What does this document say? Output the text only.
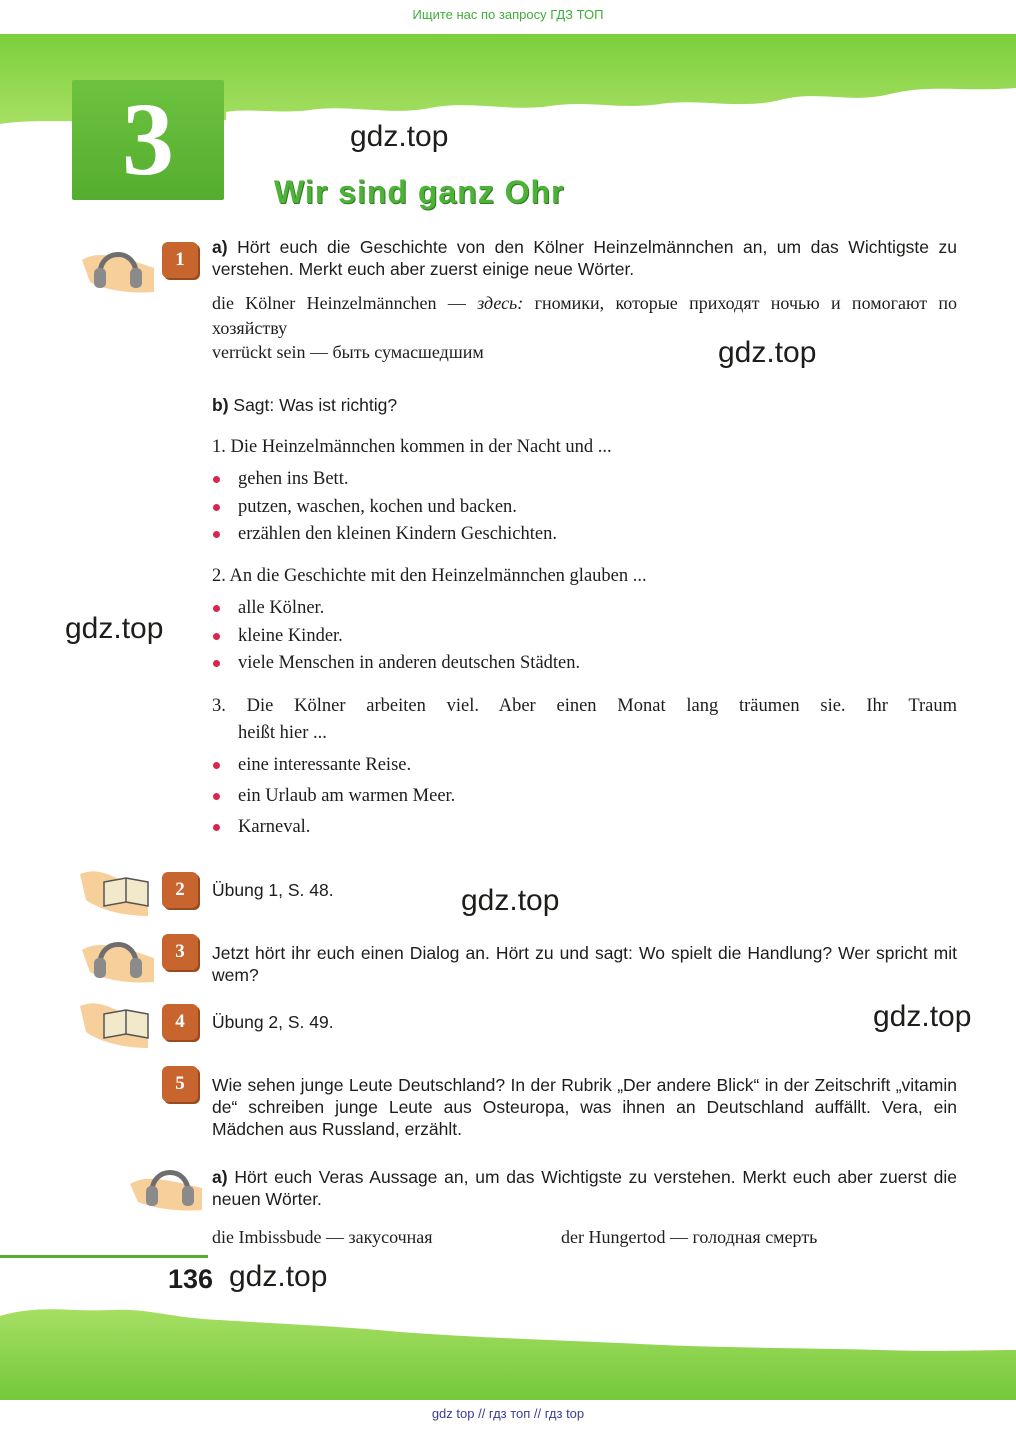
Ищите нас по запросу ГДЗ ТОП
3	Wir sind ganz Ohr
gdz.top
gdz.top
gdz.top
gdz.top
gdz.top
gdz.top
1
a) Hört euch die Geschichte von den Kölner Heinzelmännchen an, um das Wichtigste zu verstehen. Merkt euch aber zuerst einige neue Wörter.
die Kölner Heinzelmännchen — здесь: гномики, которые приходят ночью и помогают по хозяйству
verrückt sein — быть сумасшедшим
b) Sagt: Was ist richtig?
1. Die Heinzelmännchen kommen in der Nacht und ...
gehen ins Bett.
putzen, waschen, kochen und backen.
erzählen den kleinen Kindern Geschichten.
2. An die Geschichte mit den Heinzelmännchen glauben ...
alle Kölner.
kleine Kinder.
viele Menschen in anderen deutschen Städten.
3. Die Kölner arbeiten viel. Aber einen Monat lang träumen sie. Ihr Traum
heißt hier ...
eine interessante Reise.
ein Urlaub am warmen Meer.
Karneval.
2	Übung 1, S. 48.
3	Jetzt hört ihr euch einen Dialog an. Hört zu und sagt: Wo spielt die Handlung? Wer spricht mit wem?
4	Übung 2, S. 49.
5	Wie sehen junge Leute Deutschland? In der Rubrik „Der andere Blick“ in der Zeitschrift „vitamin de“ schreiben junge Leute aus Osteuropa, was ihnen an Deutschland auffällt. Vera, ein Mädchen aus Russland, erzählt.
a) Hört euch Veras Aussage an, um das Wichtigste zu verstehen. Merkt euch aber zuerst die neuen Wörter.
die Imbissbude — закусочная	der Hungertod — голодная смерть
136
gdz top // гдз топ // гдз top
